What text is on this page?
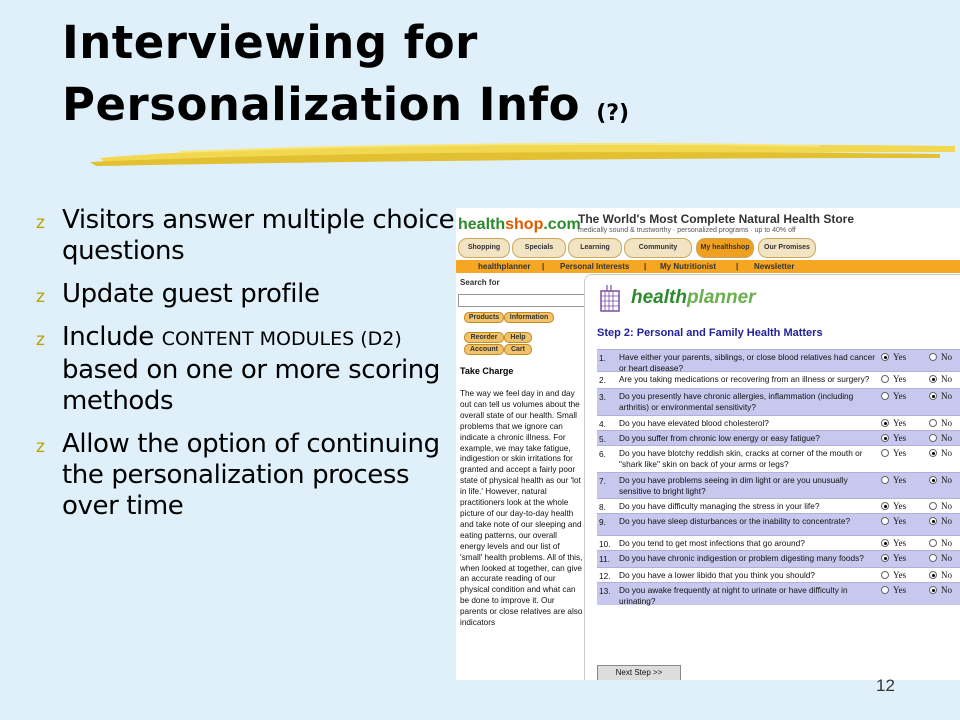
Interviewing for
Personalization Info (?)
z Visitors answer multiple choice questions
z Update guest profile
z Include CONTENT MODULES (D2) based on one or more scoring methods
z Allow the option of continuing the personalization process over time
healthshop.com
The World's Most Complete Natural Health Store
medically sound & trustworthy · personalized programs · up to 40% off
Shopping	Specials	Learning	Community	My healthshop Our Promises
healthplanner | Personal Interests | My Nutritionist	| Newsletter
Search for
Products	Information
Reorder	Help
Account	Cart
Take Charge

The way we feel day in and day out can tell us volumes about the overall state of our health. Small problems that we ignore can indicate a chronic illness. For example, we may take fatigue, indigestion or skin irritations for granted and accept a fairly poor state of physical health as our 'lot in life.' However, natural practitioners look at the whole picture of our day-to-day health and take note of our sleeping and eating patterns, our overall energy levels and our list of 'small' health problems. All of this, when looked at together, can give an accurate reading of our physical condition and what can be done to improve it. Our parents or close relatives are also indicators

healthplanner
Step 2: Personal and Family Health Matters
1. Have either your parents, siblings, or close blood relatives had cancer or heart disease?
Yes	No
2. Are you taking medications or recovering from an illness or surgery?	Yes	No
3. Do you presently have chronic allergies, inflammation (including arthritis) or environmental sensitivity?
Yes	No
4. Do you have elevated blood cholesterol?	Yes	No
5. Do you suffer from chronic low energy or easy fatigue?	Yes	No
6. Do you have blotchy reddish skin, cracks at corner of the mouth or "shark like" skin on back of your arms or legs?
Yes	No
7. Do you have problems seeing in dim light or are you unusually sensitive to bright light?
Yes	No
8. Do you have difficulty managing the stress in your life?	Yes	No
9. Do you have sleep disturbances or the inability to concentrate?	Yes	No
10. Do you tend to get most infections that go around?	Yes	No
11. Do you have chronic indigestion or problem digesting many foods?	Yes	No
12. Do you have a lower libido that you think you should?	Yes	No
13. Do you awake frequently at night to urinate or have difficulty in urinating?
Yes	No
Next Step >>
12
